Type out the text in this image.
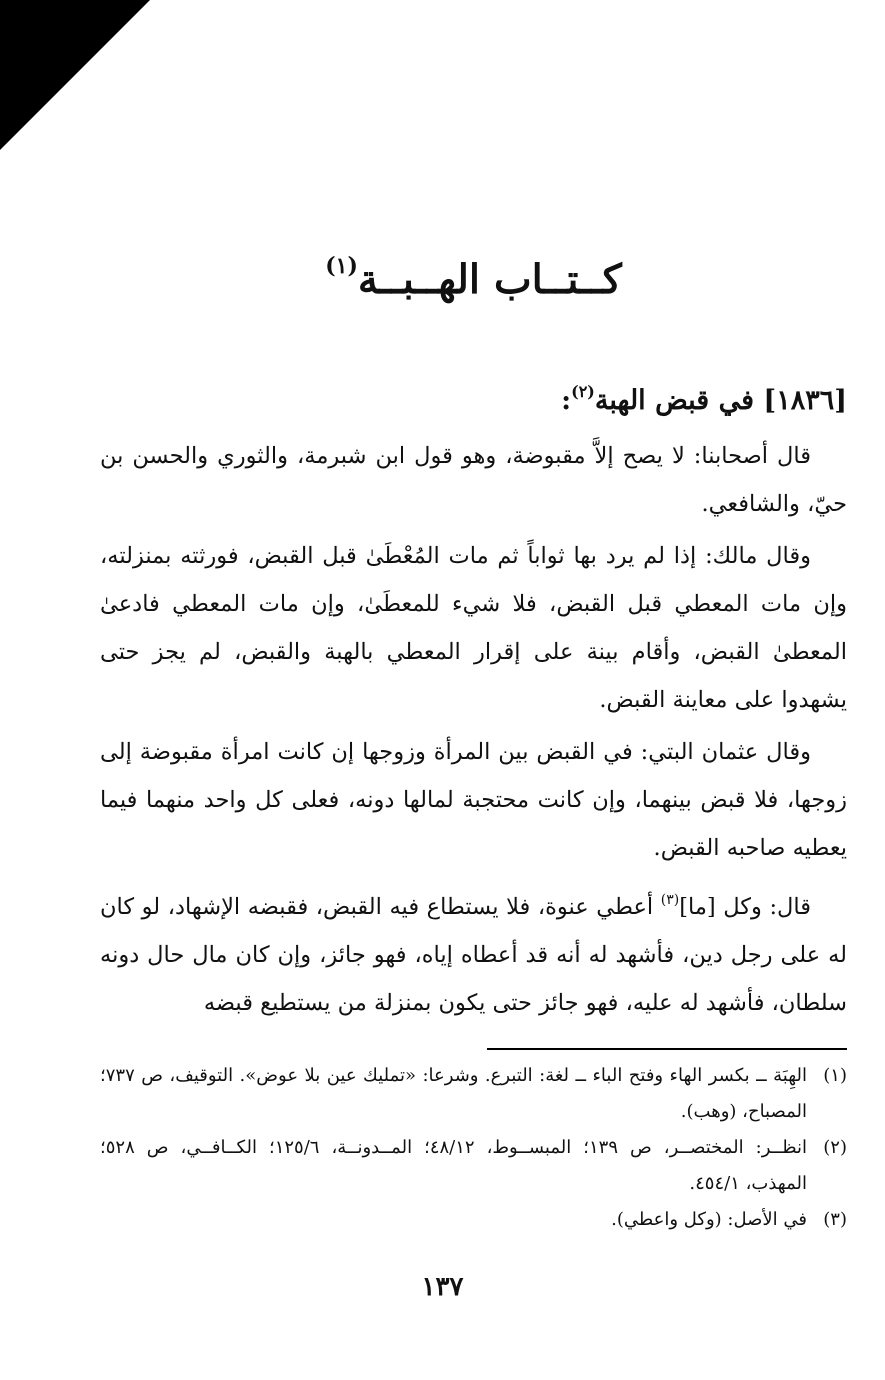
كــتــاب الهــبــة$^{(١)}$
[١٨٣٦] في قبض الهبة$^{(٢)}$:

قال أصحابنا: لا يصح إلاَّ مقبوضة، وهو قول ابن شبرمة، والثوري والحسن بن حيّ، والشافعي.

وقال مالك: إذا لم يرد بها ثواباً ثم مات المُعْطَىٰ قبل القبض، فورثته بمنزلته، وإن مات المعطي قبل القبض، فلا شيء للمعطَىٰ، وإن مات المعطي فادعىٰ المعطىٰ القبض، وأقام بينة على إقرار المعطي بالهبة والقبض، لم يجز حتى يشهدوا على معاينة القبض.

وقال عثمان البتي: في القبض بين المرأة وزوجها إن كانت امرأة مقبوضة إلى زوجها، فلا قبض بينهما، وإن كانت محتجبة لمالها دونه، فعلى كل واحد منهما فيما يعطيه صاحبه القبض.

قال: وكل [ما]$^{(٣)}$ أعطي عنوة، فلا يستطاع فيه القبض، فقبضه الإشهاد، لو كان له على رجل دين، فأشهد له أنه قد أعطاه إياه، فهو جائز، وإن كان مال حال دونه سلطان، فأشهد له عليه، فهو جائز حتى يكون بمنزلة من يستطيع قبضه

(١)
الهِبَة ــ بكسر الهاء وفتح الباء ــ لغة: التبرع. وشرعا: «تمليك عين بلا عوض». التوقيف، ص ٧٣٧؛ المصباح، (وهب).
(٢)
انظــر: المختصــر، ص ١٣٩؛ المبســوط، ٤٨/١٢؛ المــدونــة، ١٢٥/٦؛ الكــافــي، ص ٥٢٨؛ المهذب، ٤٥٤/١.
(٣)
في الأصل: (وكل واعطي).
١٣٧
